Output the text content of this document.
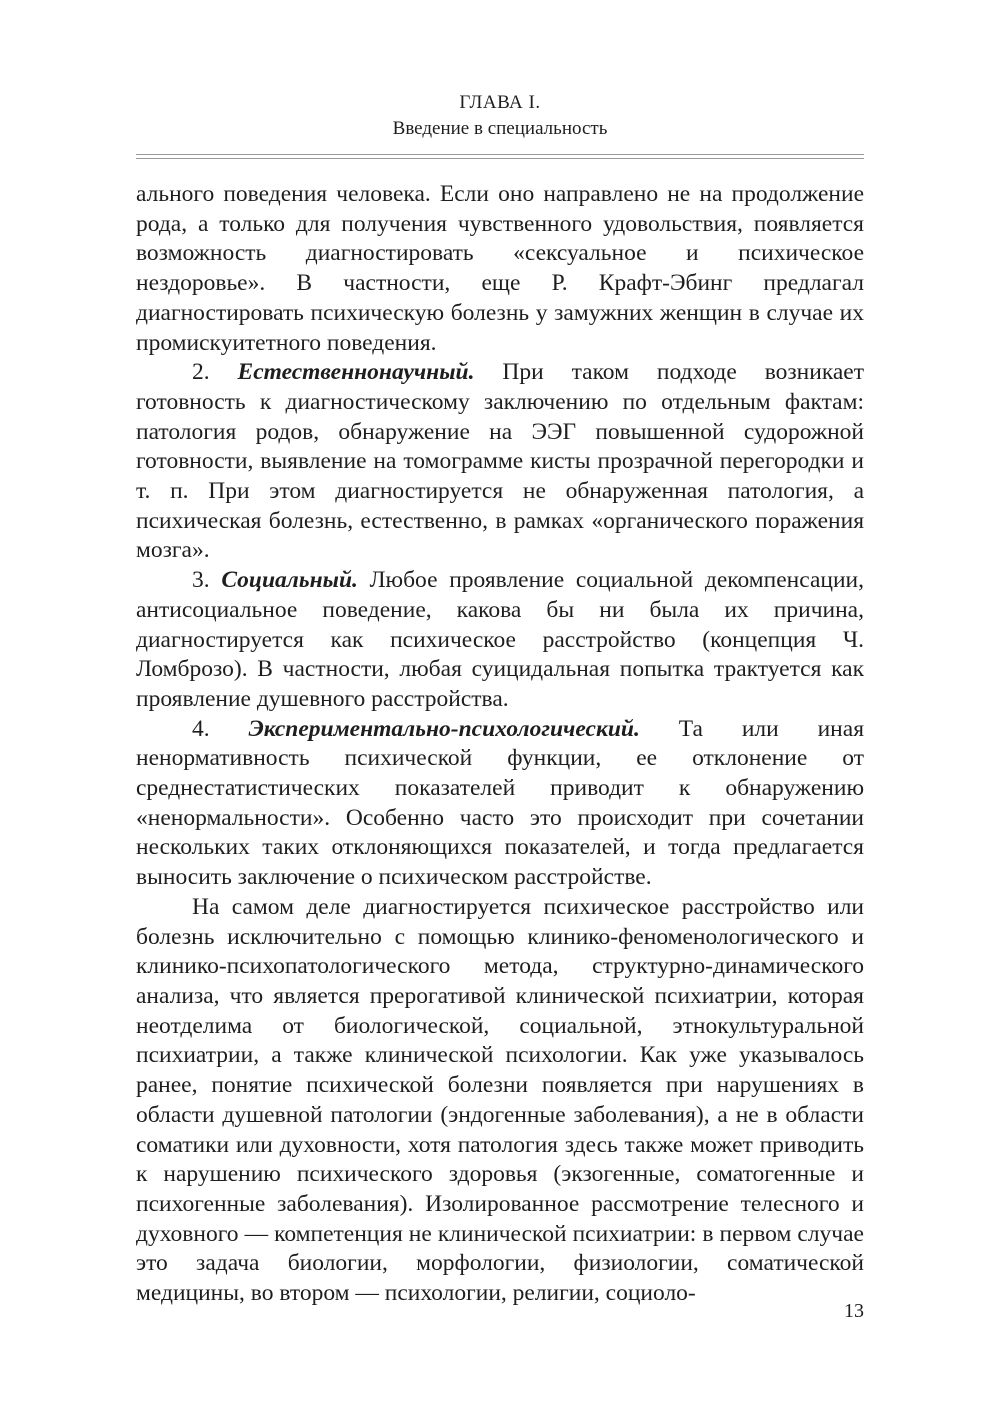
ГЛАВА I.
Введение в специальность

ального поведения человека. Если оно направлено не на продолжение рода, а только для получения чувственного удовольствия, появляется возможность диагностировать «сексуальное и психическое нездоровье». В частности, еще Р. Крафт-Эбинг предлагал диагностировать психическую болезнь у замужних женщин в случае их промискуитетного поведения.

2. Естественнонаучный. При таком подходе возникает готовность к диагностическому заключению по отдельным фактам: патология родов, обнаружение на ЭЭГ повышенной судорожной готовности, выявление на томограмме кисты прозрачной перегородки и т. п. При этом диагностируется не обнаруженная патология, а психическая болезнь, естественно, в рамках «органического поражения мозга».

3. Социальный. Любое проявление социальной декомпенсации, антисоциальное поведение, какова бы ни была их причина, диагностируется как психическое расстройство (концепция Ч. Ломброзо). В частности, любая суицидальная попытка трактуется как проявление душевного расстройства.

4. Экспериментально-психологический. Та или иная ненормативность психической функции, ее отклонение от среднестатистических показателей приводит к обнаружению «ненормальности». Особенно часто это происходит при сочетании нескольких таких отклоняющихся показателей, и тогда предлагается выносить заключение о психическом расстройстве.

На самом деле диагностируется психическое расстройство или болезнь исключительно с помощью клинико-феноменологического и клинико-психопатологического метода, структурно-динамического анализа, что является прерогативой клинической психиатрии, которая неотделима от биологической, социальной, этнокультуральной психиатрии, а также клинической психологии. Как уже указывалось ранее, понятие психической болезни появляется при нарушениях в области душевной патологии (эндогенные заболевания), а не в области соматики или духовности, хотя патология здесь также может приводить к нарушению психического здоровья (экзогенные, соматогенные и психогенные заболевания). Изолированное рассмотрение телесного и духовного — компетенция не клинической психиатрии: в первом случае это задача биологии, морфологии, физиологии, соматической медицины, во втором — психологии, религии, социоло-

13
